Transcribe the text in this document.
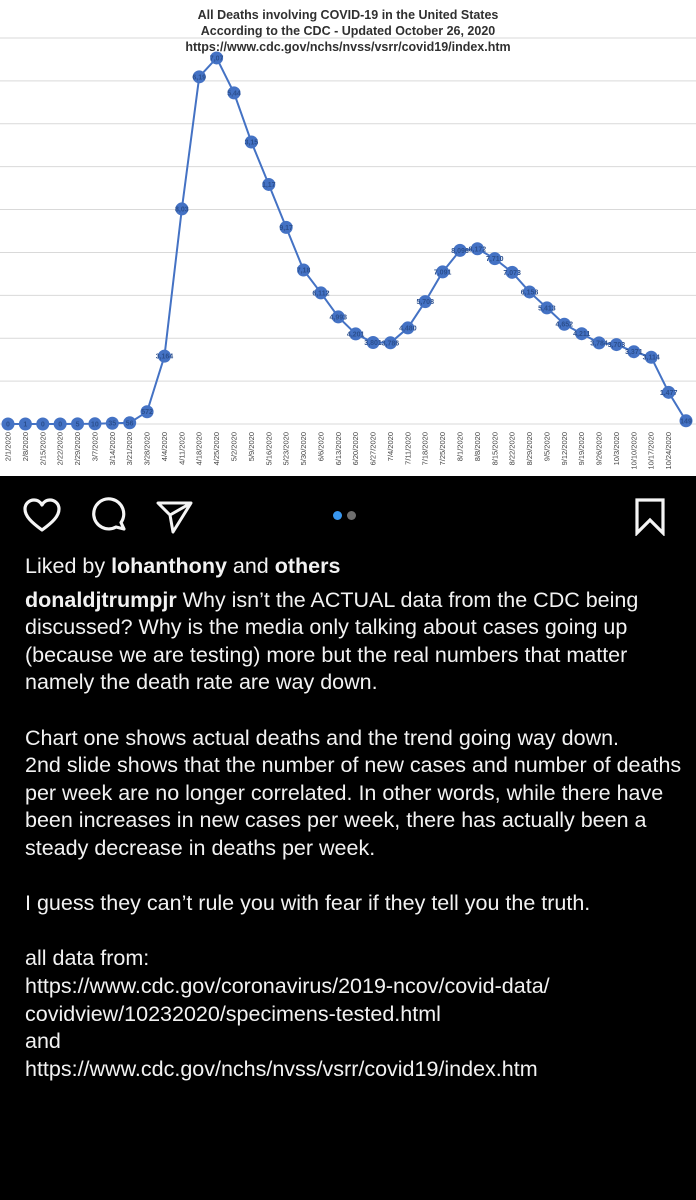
0 1 0 0 5 10 35 56
572
3,164
8,03
6,19
7,07
5,44
3,15
1,17
9,17
7,18
6,112
4,993
4,201
3,801 3,786
4,480
5,708
7,091
8,096 8,172
7,710
7,073
6,158
5,413
4,652
4,211
3,784 3,703
3,371
3,114
1,477
149
2/1/2020 2/8/2020 2/15/2020 2/22/2020 2/29/2020 3/7/2020 3/14/2020 3/21/2020 3/28/2020 4/4/2020 4/11/2020 4/18/2020 4/25/2020 5/2/2020 5/9/2020 5/16/2020 5/23/2020 5/30/2020 6/6/2020 6/13/2020 6/20/2020 6/27/2020 7/4/2020 7/11/2020 7/18/2020 7/25/2020 8/1/2020 8/8/2020 8/15/2020 8/22/2020 8/29/2020 9/5/2020 9/12/2020 9/19/2020 9/26/2020 10/3/2020 10/10/2020 10/17/2020 10/24/2020
All Deaths involving COVID-19 in the United States
According to the CDC - Updated October 26, 2020
https://www.cdc.gov/nchs/nvss/vsrr/covid19/index.htm

Liked by lohanthony and others

donaldjtrumpjr Why isn’t the ACTUAL data from the CDC being discussed? Why is the media only talking about cases going up (because we are testing) more but the real numbers that matter namely the death rate are way down.

Chart one shows actual deaths and the trend going way down.

2nd slide shows that the number of new cases and number of deaths per week are no longer correlated. In other words, while there have been increases in new cases per week, there has actually been a steady decrease in deaths per week.

I guess they can’t rule you with fear if they tell you the truth.

all data from:

https://www.cdc.gov/coronavirus/2019-ncov/covid-data/
covidview/10232020/specimens-tested.html

and

https://www.cdc.gov/nchs/nvss/vsrr/covid19/index.htm
